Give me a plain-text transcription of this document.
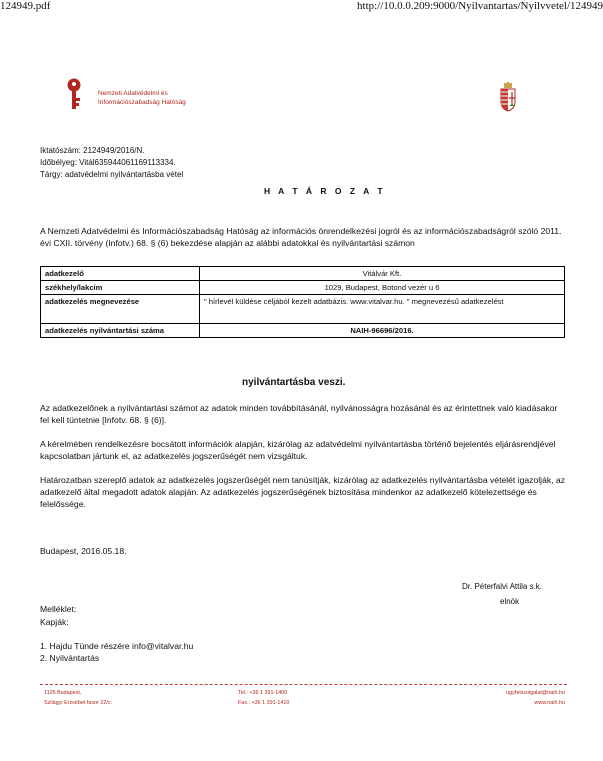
124949.pdf	http://10.0.0.209:9000/Nyilvantartas/Nyilvvetel/124949
Nemzeti Adatvédelmi és
Információszabadság Hatóság
Iktatószám: 2124949/2016/N.
Időbélyeg: Vitál635944061169113334.
Tárgy: adatvédelmi nyilvántartásba vétel
H A T Á R O Z A T
A Nemzeti Adatvédelmi és Információszabadság Hatóság az információs önrendelkezési jogról és az információszabadságról szóló 2011. évi CXII. törvény (Infotv.) 68. § (6) bekezdése alapján az alábbi adatokkal és nyilvántartási számon
adatkezelő	Vitálvár Kft.
székhely/lakcím	1029, Budapest, Botond vezér u 6
adatkezelés megnevezése	" hírlevél küldése céljából kezelt adatbázis. www.vitalvar.hu. " megnevezésű adatkezelést
adatkezelés nyilvántartási száma	NAIH-96696/2016.
nyilvántartásba veszi.
Az adatkezelőnek a nyilvántartási számot az adatok minden továbbításánál, nyilvánosságra hozásánál és az érintettnek való kiadásakor fel kell tüntetnie [Infotv. 68. § (6)].
A kérelmében rendelkezésre bocsátott információk alapján, kizárólag az adatvédelmi nyilvántartásba történő bejelentés eljárásrendjével kapcsolatban jártunk el, az adatkezelés jogszerűségét nem vizsgáltuk.
Határozatban szereplő adatok az adatkezelés jogszerűségét nem tanúsítják, kizárólag az adatkezelés nyilvántartásba vételét igazolják, az adatkezelő által megadott adatok alapján. Az adatkezelés jogszerűségének biztosítása mindenkor az adatkezelő kötelezettsége és felelőssége.
Budapest, 2016.05.18.
Dr. Péterfalvi Attila s.k.
elnök
Melléklet:
Kapják:
1. Hajdu Tünde részére info@vitalvar.hu
2. Nyilvántartás
1125 Budapest,
Szilágyi Erzsébet fasor 22/c.
Tel.: +36 1 391-1400
Fax.: +36 1 391-1410
ugyfelszolgalat@naih.hu
www.naih.hu
